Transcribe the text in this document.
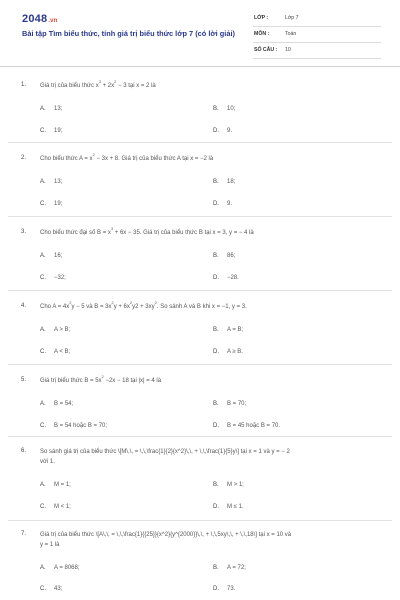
2048.vn
Bài tập Tìm biểu thức, tính giá trị biểu thức lớp 7 (có lời giải)
LỚP :	Lớp 7
MÔN :	Toán
SỐ CÂU : 10
1. Giá trị của biểu thức $x^3 + 2x^2 - 3$ tại x = 2 là
A. 13;	B. 10;
C. 19;	D. 9.
2. Cho biểu thức $A = x^2 - 3x + 8$. Giá trị của biểu thức A tại x = −2 là
A. 13;	B. 18;
C. 19;	D. 9.
3. Cho biểu thức đại số $B = x^3 + 6x - 35$. Giá trị của biểu thức B tại x = 3, y = − 4 là
A. 16;	B. 86;
C. −32;	D. −28.
4. Cho $A = 4x^2y - 5$ và $B = 3x^2y + 6x^2y2 + 3xy^2$. So sánh A và B khi x = −1, y = 3.
A. A > B;	B. A = B;
C. A < B;	D. A ≥ B.
5. Giá trị biểu thức $B = 5x^2 -2x - 18$ tại |x| = 4 là
A. B = 54;	B. B = 70;
C. B = 54 hoặc B = 70;	D. B = 45 hoặc B = 70.
6. So sánh giá trị của biểu thức \[M\,\, = \,\,\frac{1}{2}{x^2}\,\, + \,\,\frac{1}{5}y\] tại x = 1 và y = − 2
với 1.
A. M = 1;	B. M > 1;
C. M < 1;	D. M ≤ 1.
7. Giá trị của biểu thức \[A\,\, = \,\,\frac{1}{{25}}{x^2}{y^{2000}}\,\, + \,\,5xy\,\, + \,\,18\] tại x = 10 và
y = 1 là
A. A = 8068;	B. A = 72;
C. 43;	D. 73.
